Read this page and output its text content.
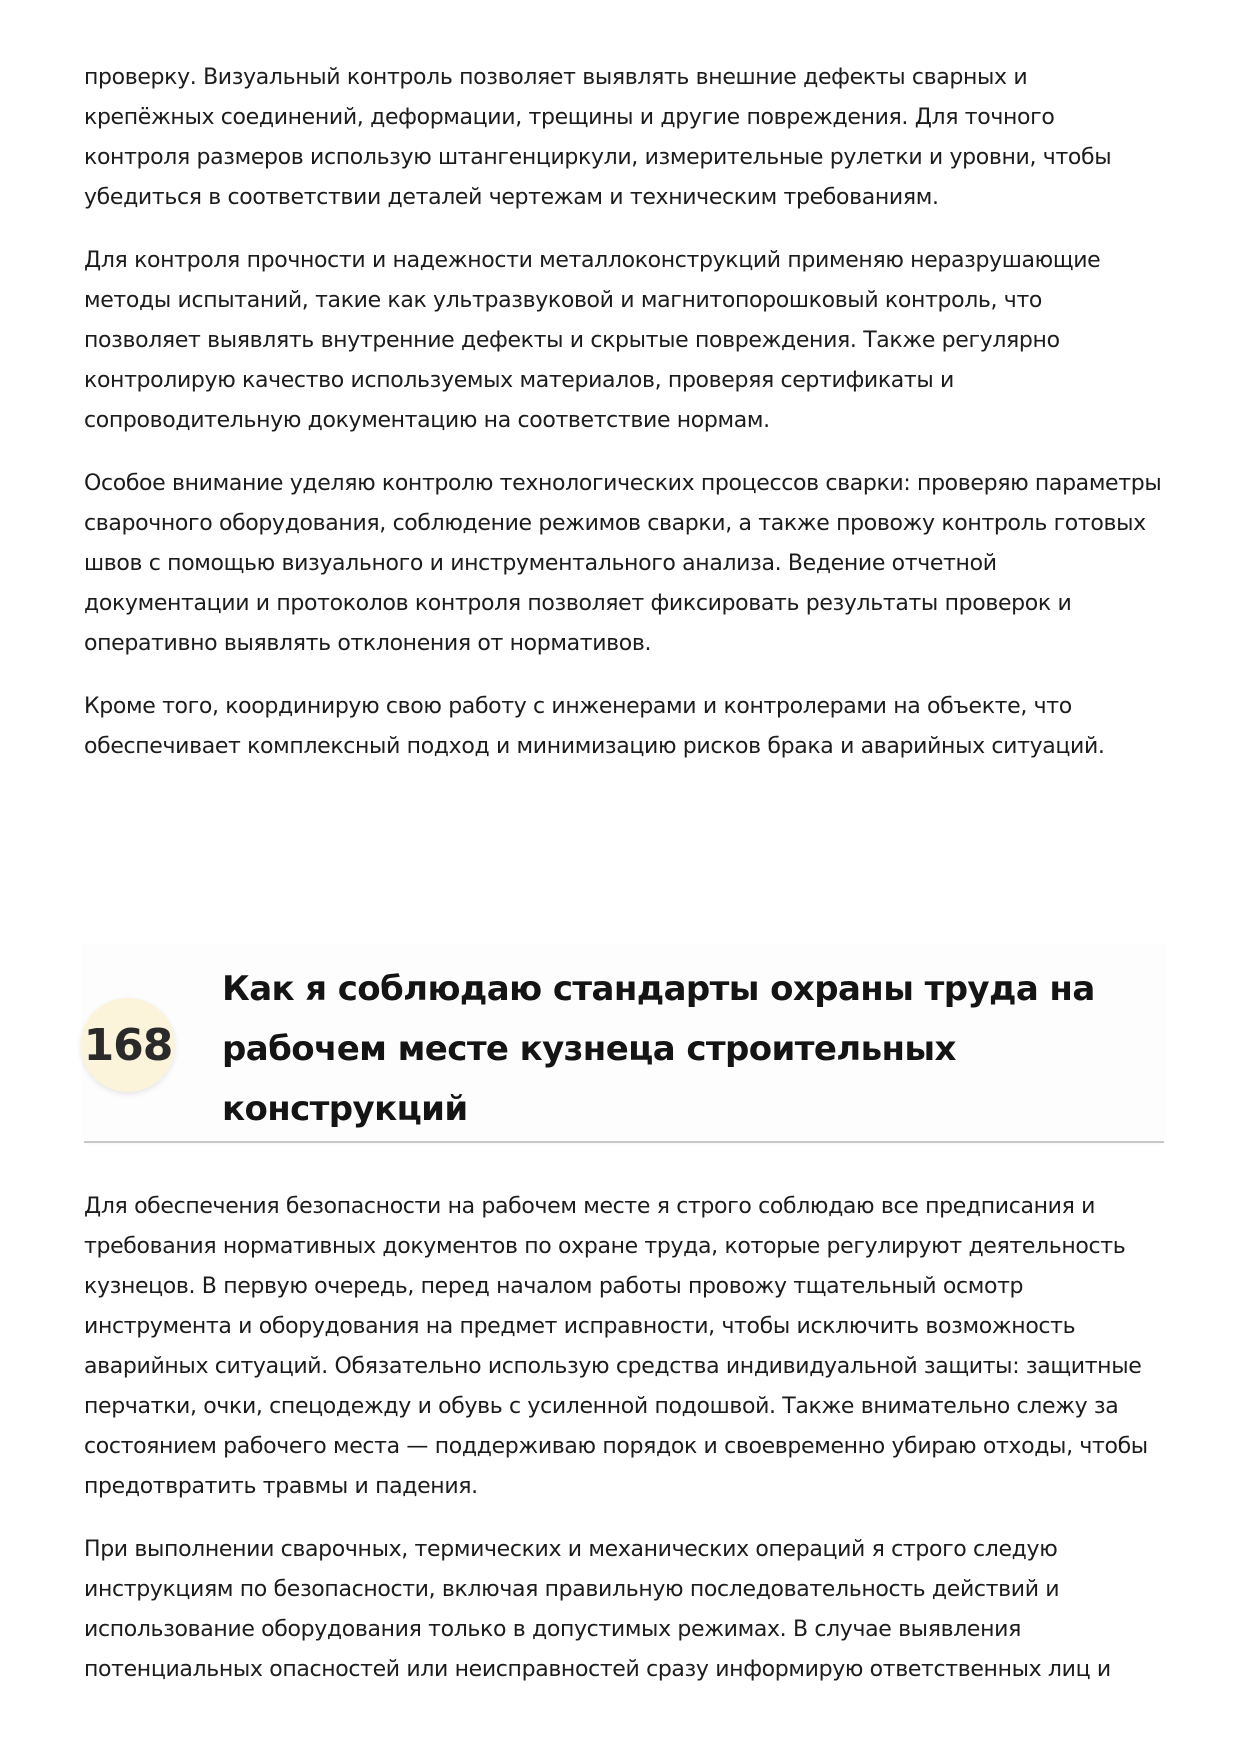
проверку. Визуальный контроль позволяет выявлять внешние дефекты сварных и крепёжных соединений, деформации, трещины и другие повреждения. Для точного контроля размеров использую штангенциркули, измерительные рулетки и уровни, чтобы убедиться в соответствии деталей чертежам и техническим требованиям.

Для контроля прочности и надежности металлоконструкций применяю неразрушающие методы испытаний, такие как ультразвуковой и магнитопорошковый контроль, что позволяет выявлять внутренние дефекты и скрытые повреждения. Также регулярно контролирую качество используемых материалов, проверяя сертификаты и сопроводительную документацию на соответствие нормам.

Особое внимание уделяю контролю технологических процессов сварки: проверяю параметры сварочного оборудования, соблюдение режимов сварки, а также провожу контроль готовых швов с помощью визуального и инструментального анализа. Ведение отчетной документации и протоколов контроля позволяет фиксировать результаты проверок и оперативно выявлять отклонения от нормативов.

Кроме того, координирую свою работу с инженерами и контролерами на объекте, что обеспечивает комплексный подход и минимизацию рисков брака и аварийных ситуаций.

168
Как я соблюдаю стандарты охраны труда на рабочем месте кузнеца строительных конструкций

Для обеспечения безопасности на рабочем месте я строго соблюдаю все предписания и требования нормативных документов по охране труда, которые регулируют деятельность кузнецов. В первую очередь, перед началом работы провожу тщательный осмотр инструмента и оборудования на предмет исправности, чтобы исключить возможность аварийных ситуаций. Обязательно использую средства индивидуальной защиты: защитные перчатки, очки, спецодежду и обувь с усиленной подошвой. Также внимательно слежу за состоянием рабочего места — поддерживаю порядок и своевременно убираю отходы, чтобы предотвратить травмы и падения.

При выполнении сварочных, термических и механических операций я строго следую инструкциям по безопасности, включая правильную последовательность действий и использование оборудования только в допустимых режимах. В случае выявления потенциальных опасностей или неисправностей сразу информирую ответственных лиц и
